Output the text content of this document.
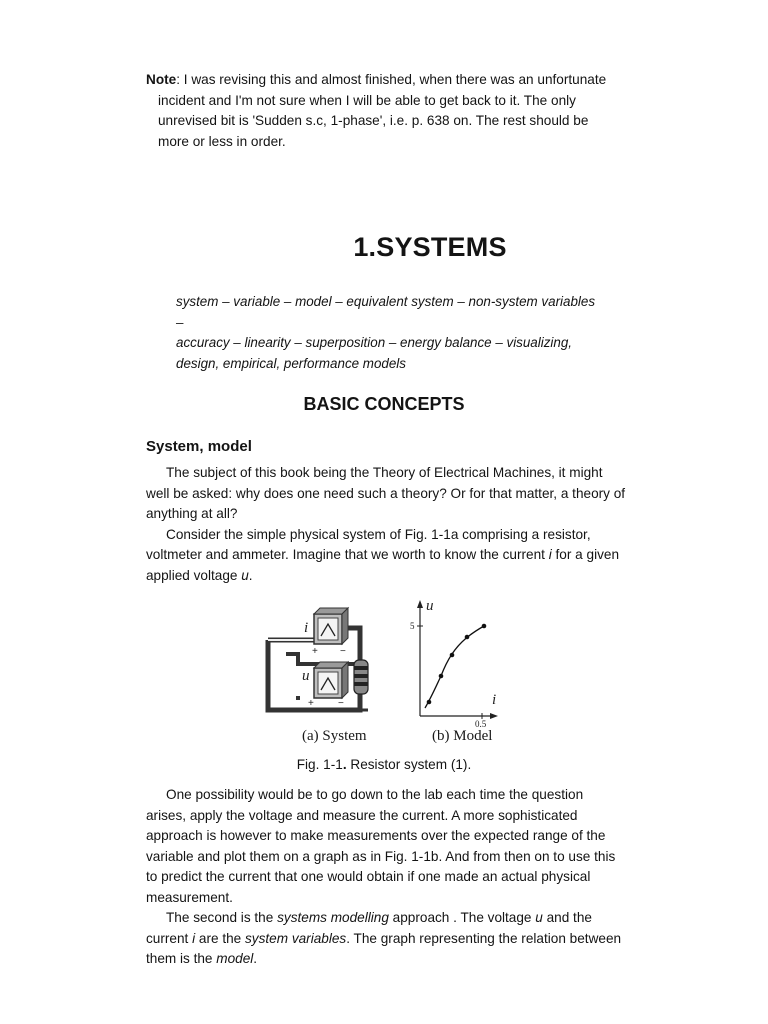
Note: I was revising this and almost finished, when there was an unfortunate incident and I'm not sure when I will be able to get back to it. The only unrevised bit is 'Sudden s.c, 1-phase', i.e. p. 638 on. The rest should be more or less in order.

1.SYSTEMS

system – variable – model – equivalent system – non-system variables –

accuracy – linearity – superposition – energy balance – visualizing,

design, empirical, performance models

BASIC CONCEPTS
System, model

The subject of this book being the Theory of Electrical Machines, it might well be asked: why does one need such a theory? Or for that matter, a theory of anything at all?

Consider the simple physical system of Fig. 1-1a comprising a resistor, voltmeter and ammeter. Imagine that we worth to know the current i for a given applied voltage u.

i
u
+ −
+ −
u
i
5
0.5
(a) System	(b) Model
Fig. 1-1. Resistor system (1).

One possibility would be to go down to the lab each time the question arises, apply the voltage and measure the current. A more sophisticated approach is however to make measurements over the expected range of the variable and plot them on a graph as in Fig. 1-1b. And from then on to use this to predict the current that one would obtain if one made an actual physical measurement.

The second is the systems modelling approach . The voltage u and the current i are the system variables. The graph representing the relation between them is the model.
